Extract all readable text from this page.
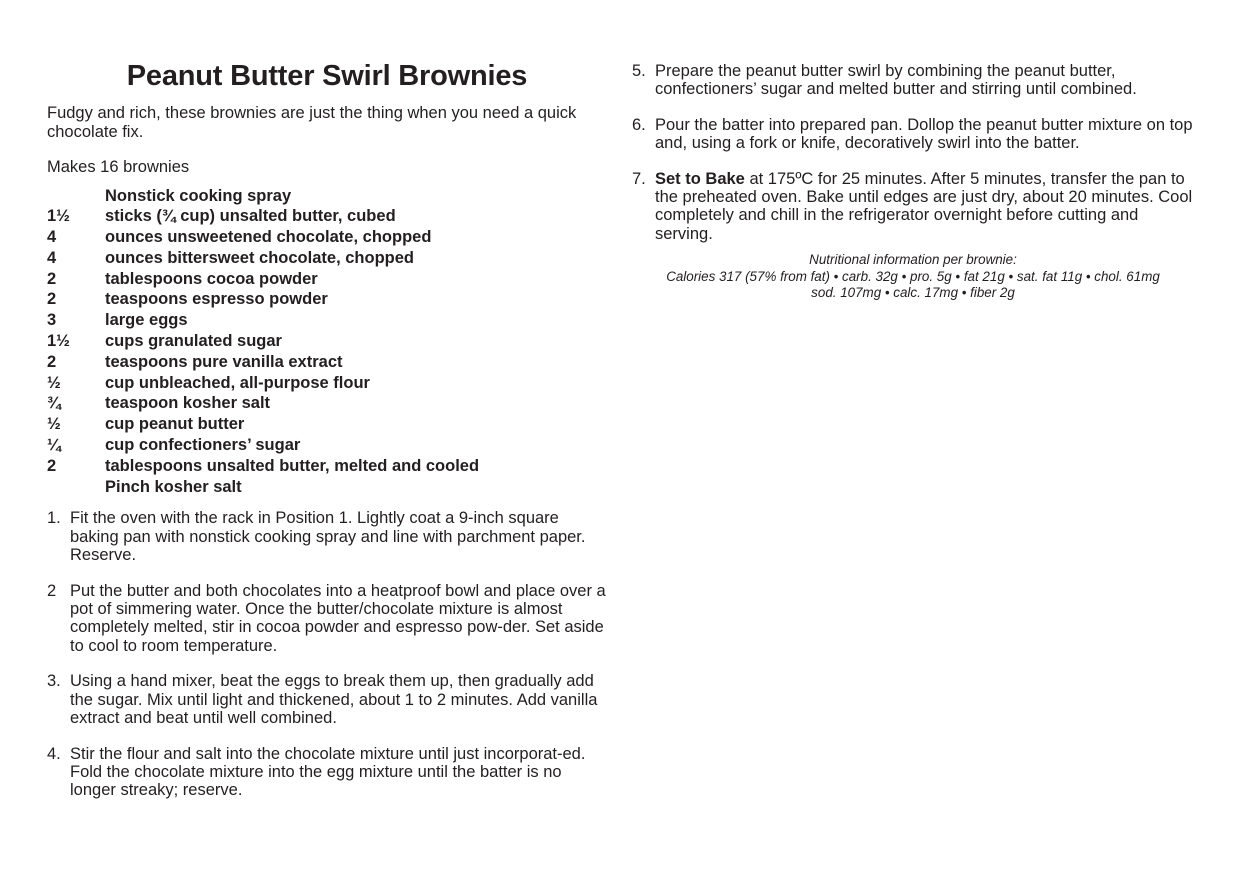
Peanut Butter Swirl Brownies

Fudgy and rich, these brownies are just the thing when you need a quick chocolate fix.

Makes 16 brownies

Nonstick cooking spray
1½	sticks (¾ cup) unsalted butter, cubed
4	ounces unsweetened chocolate, chopped
4	ounces bittersweet chocolate, chopped
2	tablespoons cocoa powder
2	teaspoons espresso powder
3	large eggs
1½	cups granulated sugar
2	teaspoons pure vanilla extract
½	cup unbleached, all-purpose flour
¾	teaspoon kosher salt
½	cup peanut butter
¼	cup confectioners’ sugar
2	tablespoons unsalted butter, melted and cooled
Pinch kosher salt
1. Fit the oven with the rack in Position 1. Lightly coat a 9-inch square baking pan with nonstick cooking spray and line with parchment paper. Reserve.
2 Put the butter and both chocolates into a heatproof bowl and place over a pot of simmering water. Once the butter/chocolate mixture is almost completely melted, stir in cocoa powder and espresso pow-der. Set aside to cool to room temperature.
3. Using a hand mixer, beat the eggs to break them up, then gradually add the sugar. Mix until light and thickened, about 1 to 2 minutes. Add vanilla extract and beat until well combined.
4. Stir the flour and salt into the chocolate mixture until just incorporat-ed. Fold the chocolate mixture into the egg mixture until the batter is no longer streaky; reserve.
5. Prepare the peanut butter swirl by combining the peanut butter, confectioners’ sugar and melted butter and stirring until combined.
6. Pour the batter into prepared pan. Dollop the peanut butter mixture on top and, using a fork or knife, decoratively swirl into the batter.
7. Set to Bake at 175ºC for 25 minutes. After 5 minutes, transfer the pan to the preheated oven. Bake until edges are just dry, about 20 minutes. Cool completely and chill in the refrigerator overnight before cutting and serving.
Nutritional information per brownie:
Calories 317 (57% from fat) • carb. 32g • pro. 5g • fat 21g • sat. fat 11g • chol. 61mg
sod. 107mg • calc. 17mg • fiber 2g
